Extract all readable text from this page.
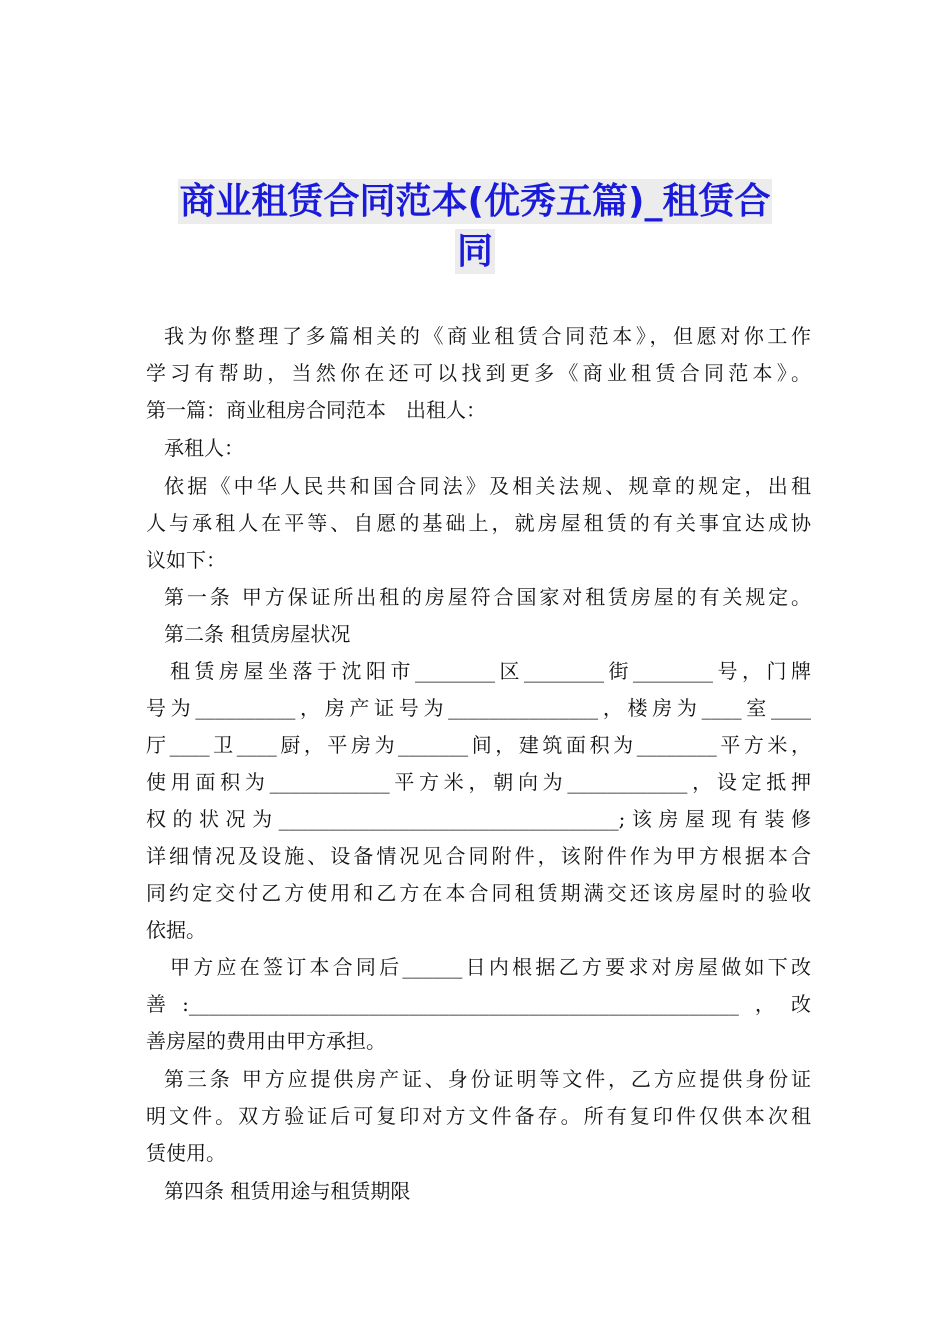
商业租赁合同范本(优秀五篇)_租赁合
同
我为你整理了多篇相关的《商业租赁合同范本》，但愿对你工作
学习有帮助，当然你在还可以找到更多《商业租赁合同范本》。
第一篇：商业租房合同范本　出租人：
承租人：
依据《中华人民共和国合同法》及相关法规、规章的规定，出租
人与承租人在平等、自愿的基础上，就房屋租赁的有关事宜达成协
议如下：
第一条 甲方保证所出租的房屋符合国家对租赁房屋的有关规定。
第二条 租赁房屋状况
租赁房屋坐落于沈阳市________区________街________号，门牌
号为__________，房产证号为_______________，楼房为____室____
厅____卫____厨，平房为_______间，建筑面积为________平方米，
使用面积为____________平方米，朝向为____________，设定抵押
权的状况为__________________________________;该房屋现有装修
详细情况及设施、设备情况见合同附件，该附件作为甲方根据本合
同约定交付乙方使用和乙方在本合同租赁期满交还该房屋时的验收
依据。
甲方应在签订本合同后______日内根据乙方要求对房屋做如下改
善:_______________________________________________________，改
善房屋的费用由甲方承担。
第三条 甲方应提供房产证、身份证明等文件，乙方应提供身份证
明文件。双方验证后可复印对方文件备存。所有复印件仅供本次租
赁使用。
第四条 租赁用途与租赁期限
